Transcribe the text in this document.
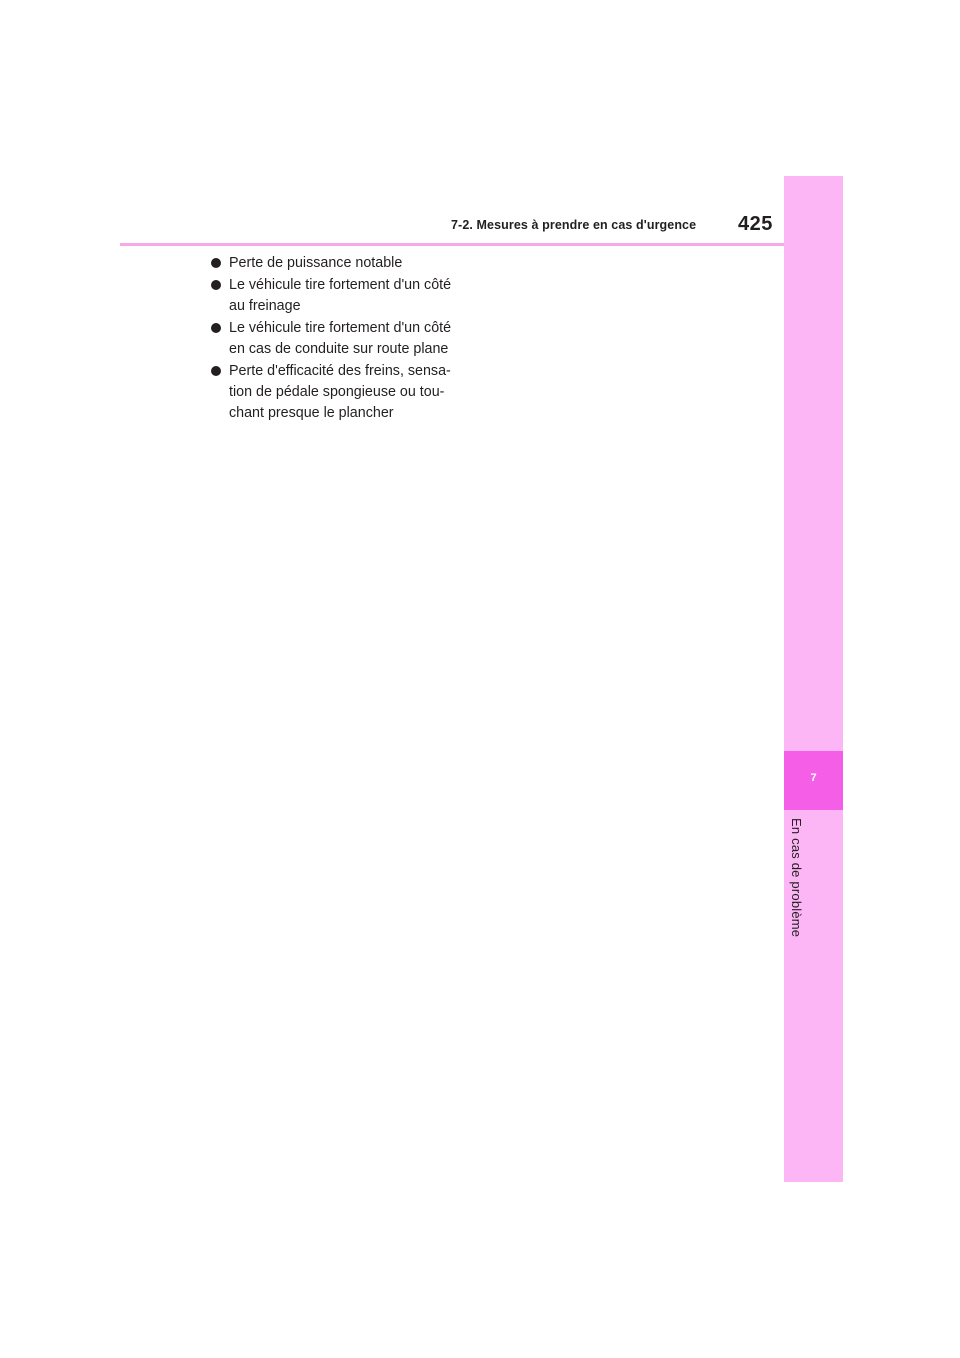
7-2. Mesures à prendre en cas d'urgence 425
7
En cas de problème
Perte de puissance notable
Le véhicule tire fortement d'un côté
au freinage
Le véhicule tire fortement d'un côté
en cas de conduite sur route plane
Perte d'efficacité des freins, sensa-
tion de pédale spongieuse ou tou-
chant presque le plancher
